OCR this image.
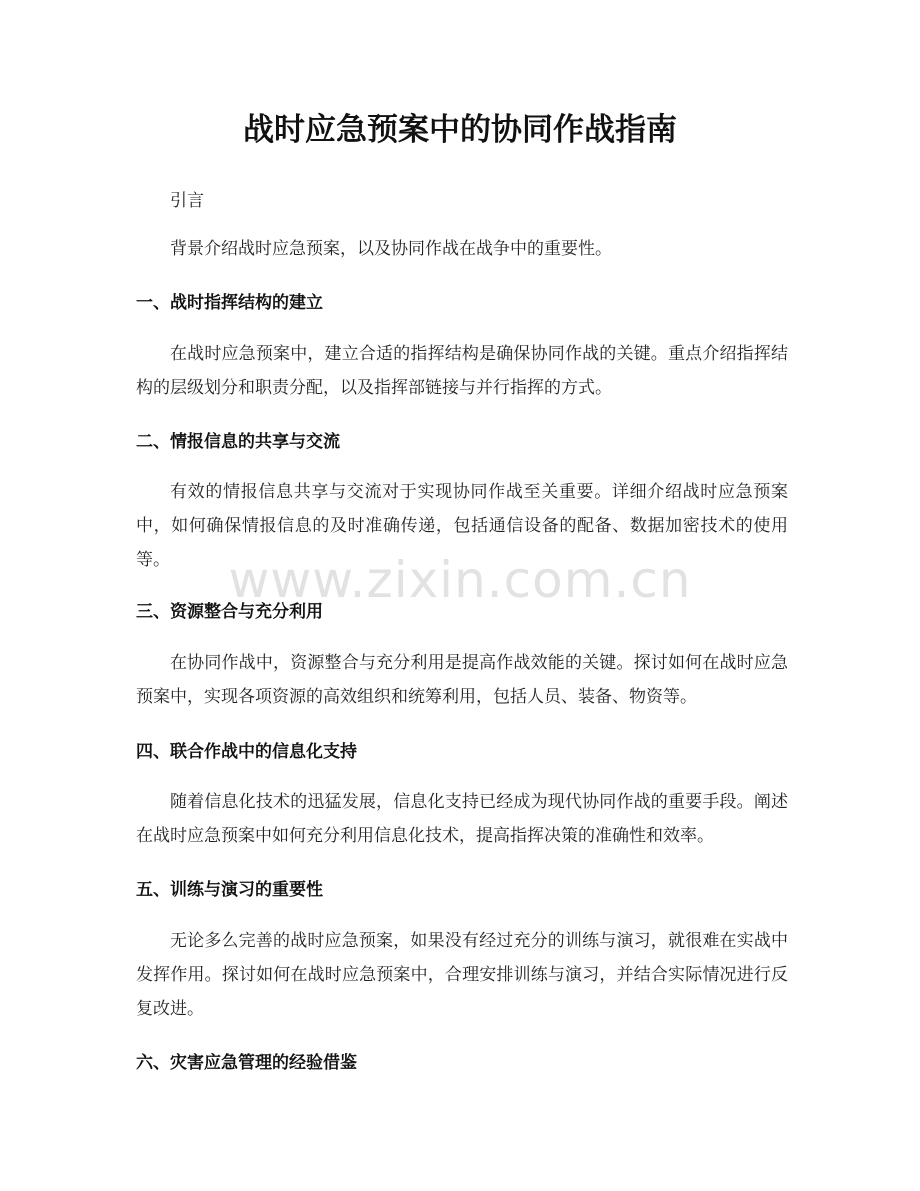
战时应急预案中的协同作战指南
引言
背景介绍战时应急预案，以及协同作战在战争中的重要性。
一、战时指挥结构的建立
在战时应急预案中，建立合适的指挥结构是确保协同作战的关键。重点介绍指挥结构的层级划分和职责分配，以及指挥部链接与并行指挥的方式。
二、情报信息的共享与交流
有效的情报信息共享与交流对于实现协同作战至关重要。详细介绍战时应急预案中，如何确保情报信息的及时准确传递，包括通信设备的配备、数据加密技术的使用等。
三、资源整合与充分利用
在协同作战中，资源整合与充分利用是提高作战效能的关键。探讨如何在战时应急预案中，实现各项资源的高效组织和统筹利用，包括人员、装备、物资等。
四、联合作战中的信息化支持
随着信息化技术的迅猛发展，信息化支持已经成为现代协同作战的重要手段。阐述在战时应急预案中如何充分利用信息化技术，提高指挥决策的准确性和效率。
五、训练与演习的重要性
无论多么完善的战时应急预案，如果没有经过充分的训练与演习，就很难在实战中发挥作用。探讨如何在战时应急预案中，合理安排训练与演习，并结合实际情况进行反复改进。
六、灾害应急管理的经验借鉴
www.zixin.com.cn
